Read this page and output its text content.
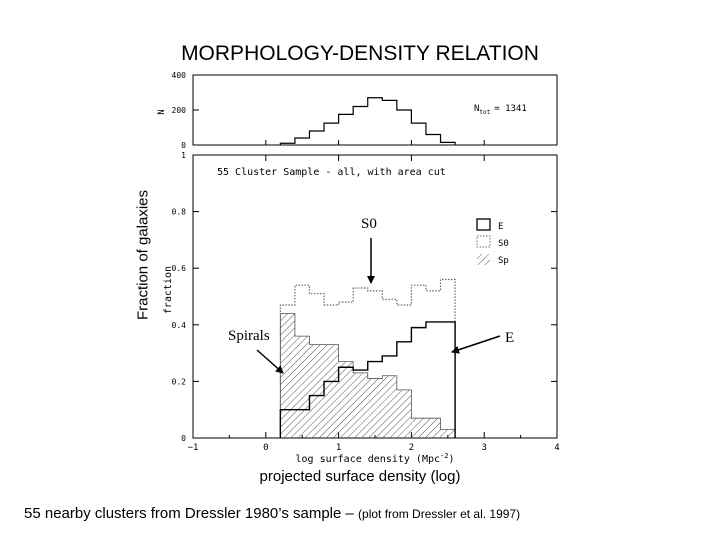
MORPHOLOGY-DENSITY RELATION
Fraction of galaxies
projected surface density (log)
55 nearby clusters from Dressler 1980’s sample – (plot from Dressler et al. 1997)
0
200
400
N	$N_{tot} = 1341$
−1	0	1	2	3	4
0
0.2
0.4
0.6
0.8
1
55 Cluster Sample - all, with area cut
fraction
log surface density (Mpc$^{-2}$)
E
S0
Sp
S0
E
Spirals
